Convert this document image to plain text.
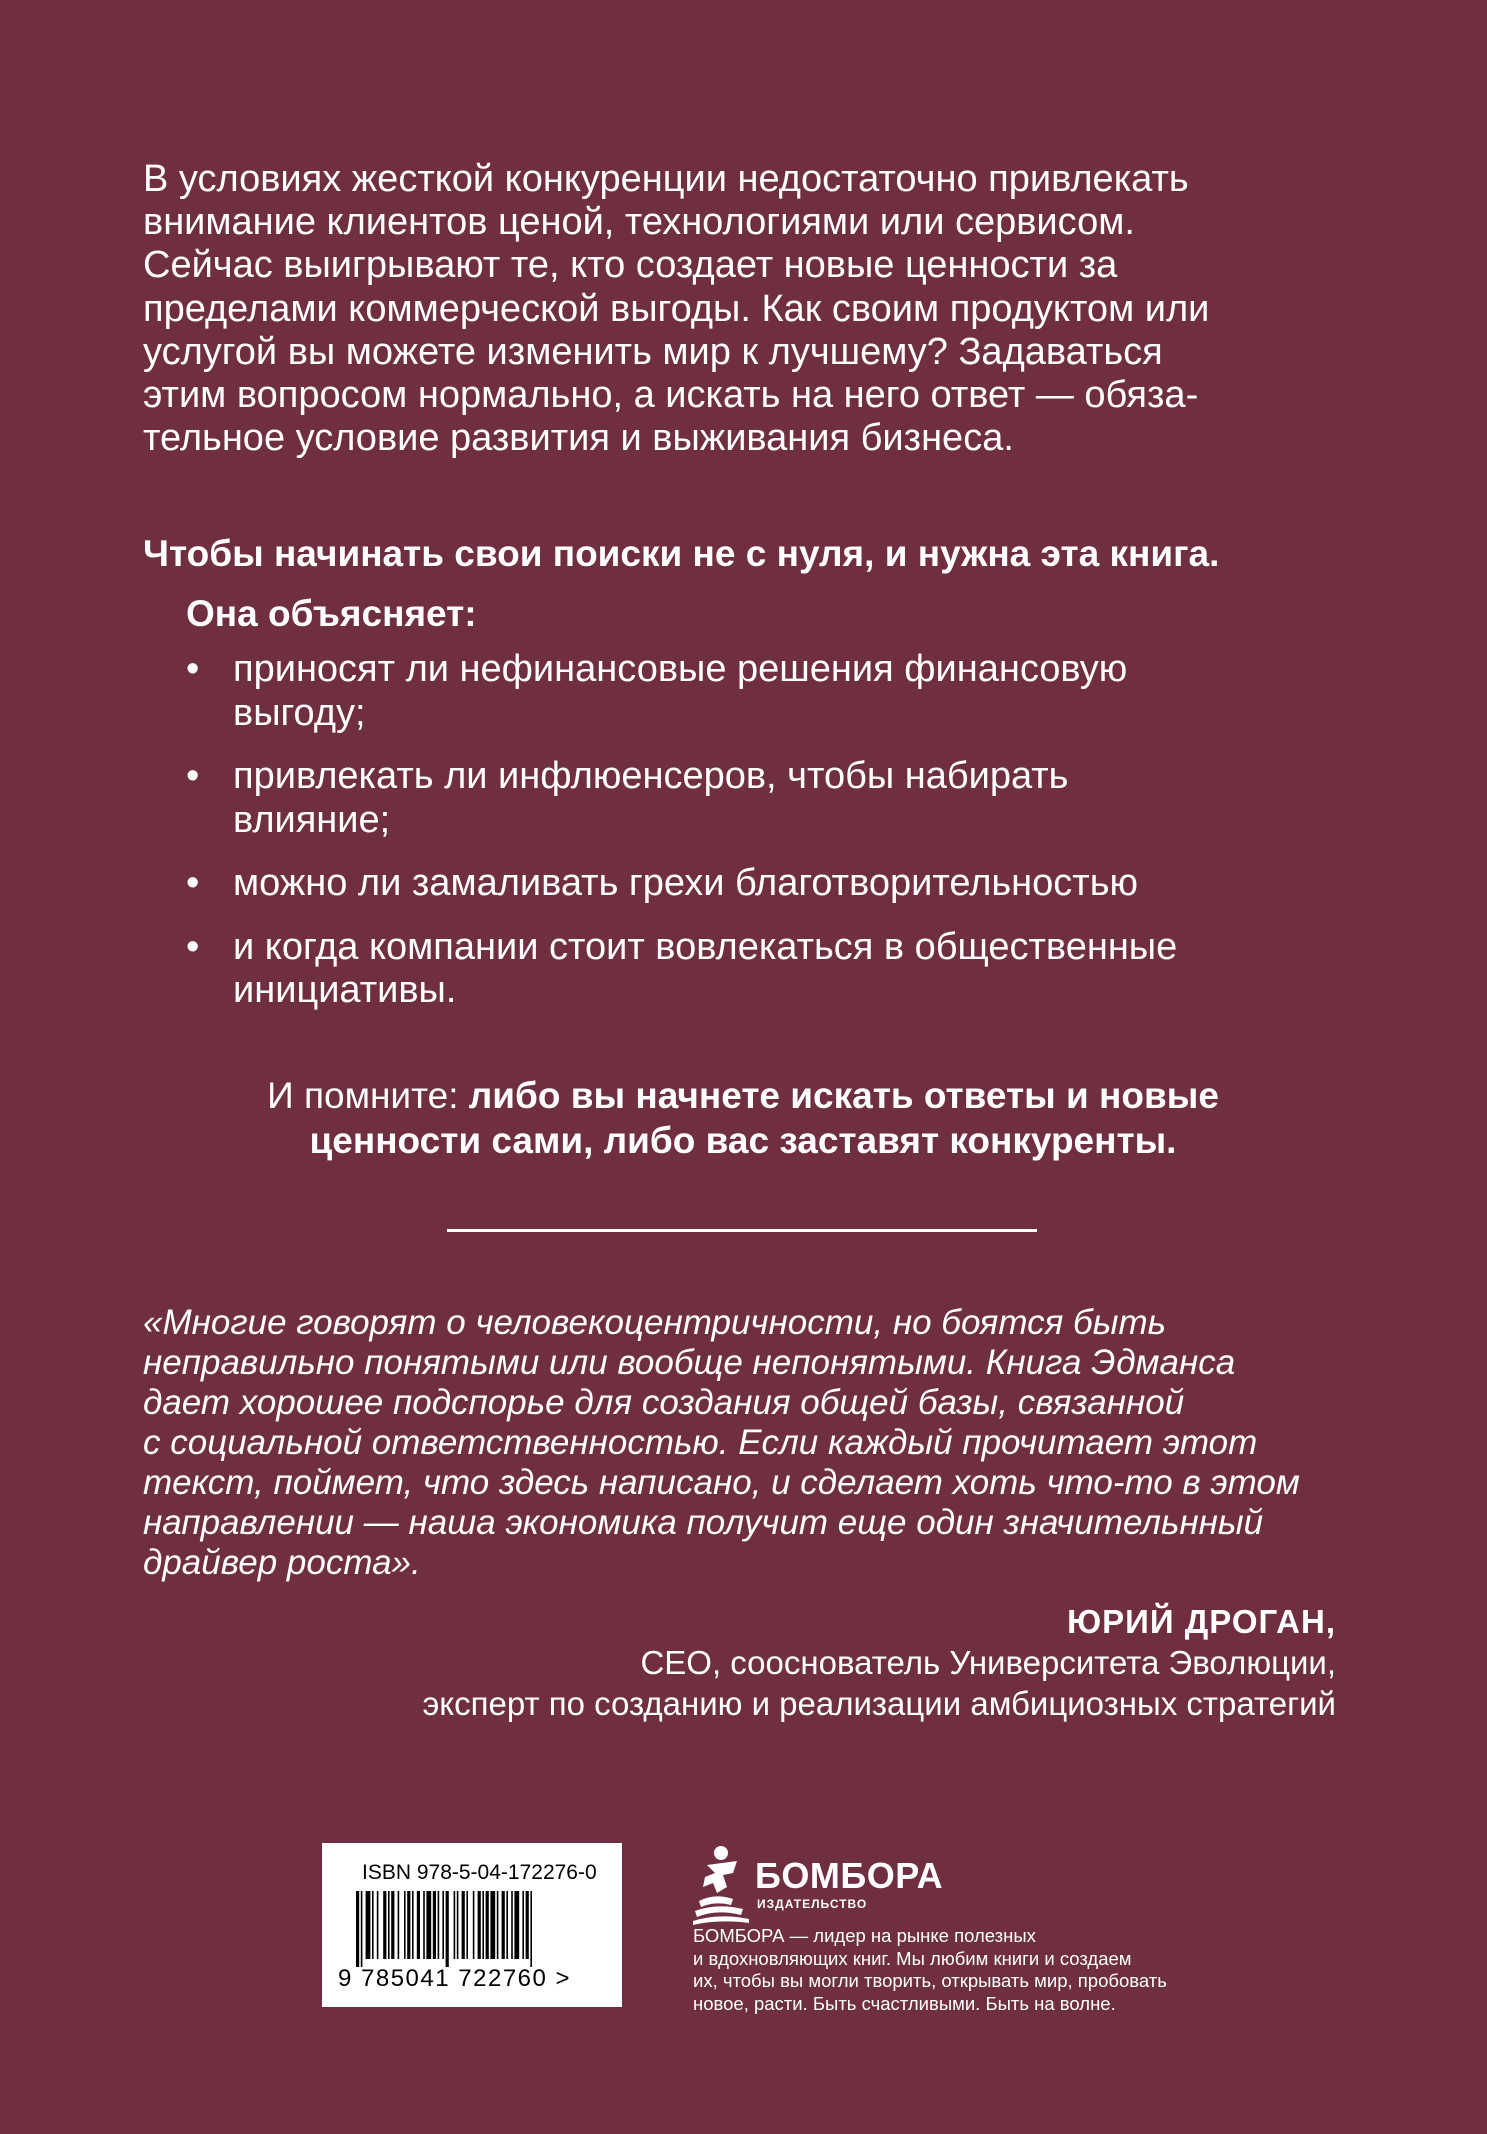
В условиях жесткой конкуренции недостаточно привлекать

внимание клиентов ценой, технологиями или сервисом.

Сейчас выигрывают те, кто создает новые ценности за

пределами коммерческой выгоды. Как своим продуктом или

услугой вы можете изменить мир к лучшему? Задаваться

этим вопросом нормально, а искать на него ответ — обяза-

тельное условие развития и выживания бизнеса.

Чтобы начинать свои поиски не с нуля, и нужна эта книга.
Она объясняет:
• приносят ли нефинансовые решения финансовую
выгоду;
• привлекать ли инфлюенсеров, чтобы набирать
влияние;
• можно ли замаливать грехи благотворительностью
• и когда компании стоит вовлекаться в общественные
инициативы.
И помните: либо вы начнете искать ответы и новые
ценности сами, либо вас заставят конкуренты.
«Многие говорят о человекоцентричности, но боятся быть
неправильно понятыми или вообще непонятыми. Книга Эдманса
дает хорошее подспорье для создания общей базы, связанной
с социальной ответственностью. Если каждый прочитает этот
текст, поймет, что здесь написано, и сделает хоть что-то в этом
направлении — наша экономика получит еще один значительнный
драйвер роста».
ЮРИЙ ДРОГАН,
CEO, сооснователь Университета Эволюции,
эксперт по созданию и реализации амбициозных стратегий
ISBN 978-5-04-172276-0
9 785041 722760 >
БОМБОРА
ИЗДАТЕЛЬСТВО
БОМБОРА — лидер на рынке полезных
и вдохновляющих книг. Мы любим книги и создаем
их, чтобы вы могли творить, открывать мир, пробовать
новое, расти. Быть счастливыми. Быть на волне.
